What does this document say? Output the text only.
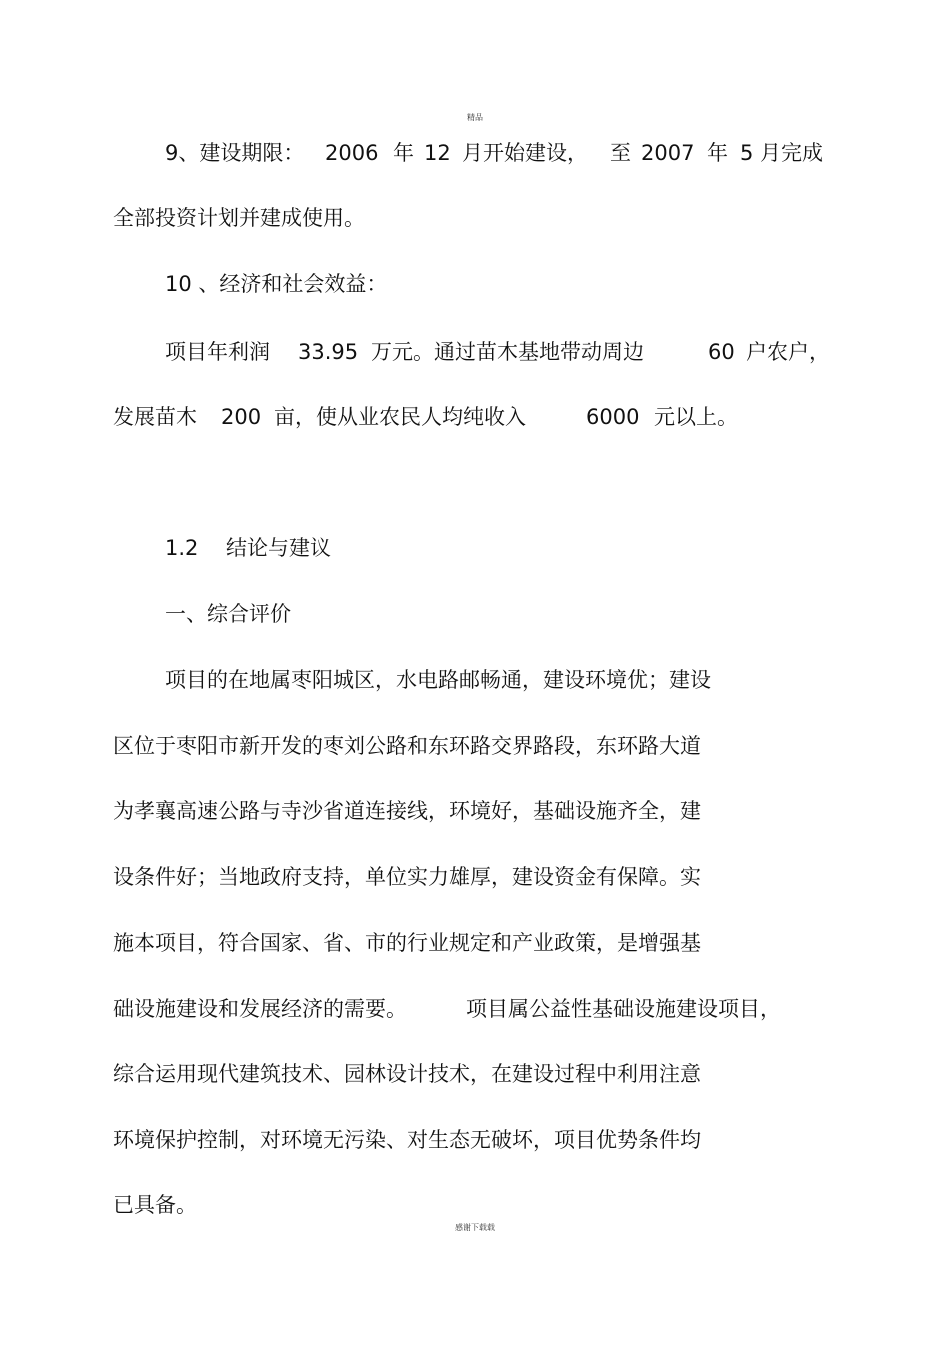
精品
9、建设期限： 2006 年 12 月开始建设， 至 2007 年 5 月完成
全部投资计划并建成使用。
10 、经济和社会效益：
项目年利润 33.95 万元。通过苗木基地带动周边	60 户农户，
发展苗木 200 亩，使从业农民人均纯收入	6000 元以上。
1.2 结论与建议
一、综合评价
项目的在地属枣阳城区，水电路邮畅通，建设环境优；建设
区位于枣阳市新开发的枣刘公路和东环路交界路段，东环路大道
为孝襄高速公路与寺沙省道连接线，环境好，基础设施齐全，建
设条件好；当地政府支持，单位实力雄厚，建设资金有保障。实
施本项目，符合国家、省、市的行业规定和产业政策，是增强基
础设施建设和发展经济的需要。	项目属公益性基础设施建设项目，
综合运用现代建筑技术、园林设计技术，在建设过程中利用注意
环境保护控制，对环境无污染、对生态无破坏，项目优势条件均
已具备。
感谢下载载
